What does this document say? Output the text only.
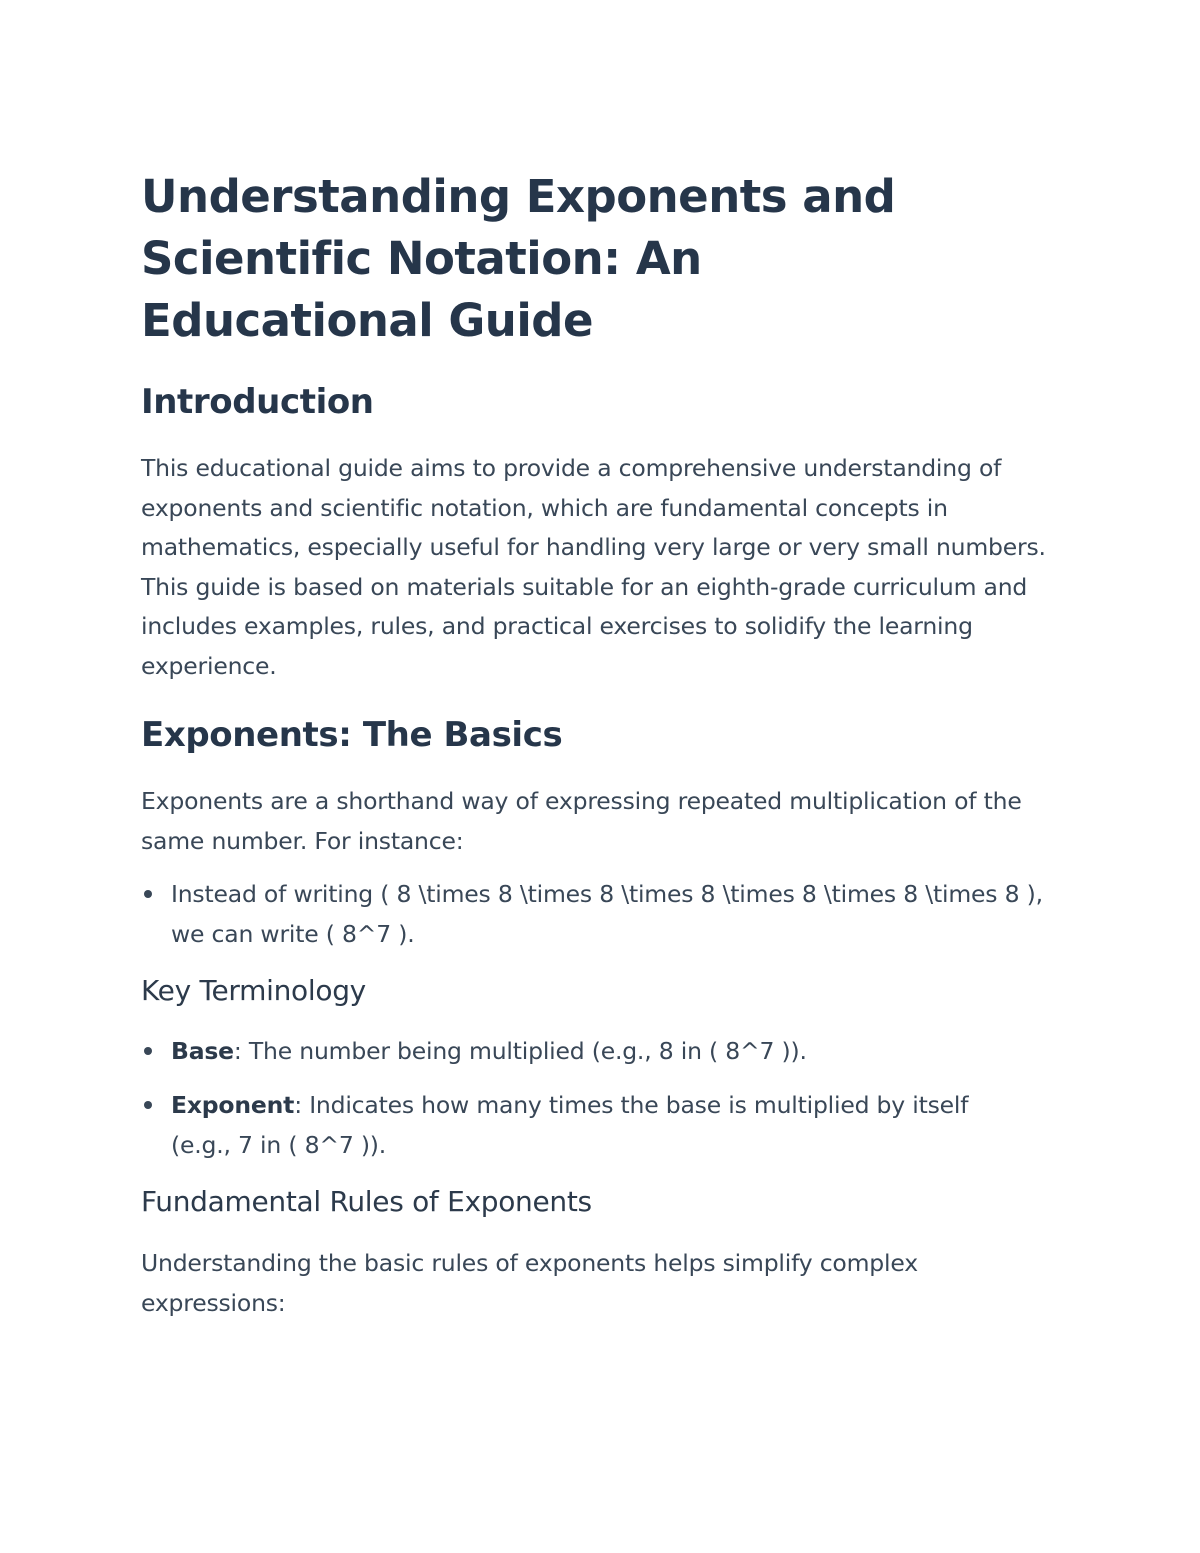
Understanding Exponents and Scientific Notation: An Educational Guide
Introduction

This educational guide aims to provide a comprehensive understanding of exponents and scientific notation, which are fundamental concepts in mathematics, especially useful for handling very large or very small numbers. This guide is based on materials suitable for an eighth-grade curriculum and includes examples, rules, and practical exercises to solidify the learning experience.

Exponents: The Basics

Exponents are a shorthand way of expressing repeated multiplication of the same number. For instance:

Instead of writing ( 8 \times 8 \times 8 \times 8 \times 8 \times 8 \times 8 ), we can write ( 8^7 ).
Key Terminology
Base: The number being multiplied (e.g., 8 in ( 8^7 )).
Exponent: Indicates how many times the base is multiplied by itself (e.g., 7 in ( 8^7 )).
Fundamental Rules of Exponents

Understanding the basic rules of exponents helps simplify complex expressions:
